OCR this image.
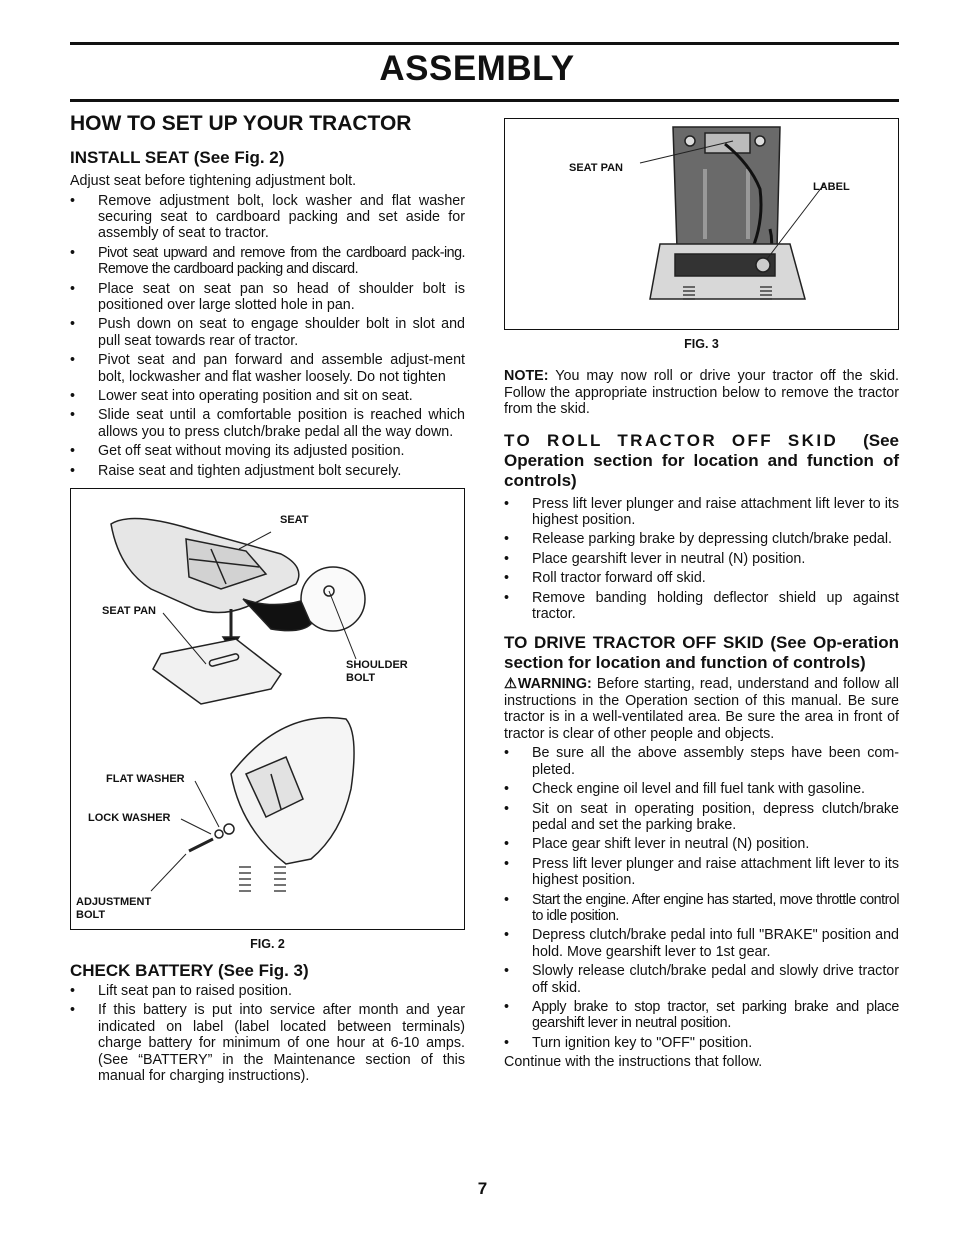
ASSEMBLY
HOW TO SET UP YOUR TRACTOR
INSTALL SEAT (See Fig. 2)

Adjust seat before tightening adjustment bolt.

• Remove adjustment bolt, lock washer and flat washer securing seat to cardboard packing and set aside for assembly of seat to tractor.
• Pivot seat upward and remove from the cardboard pack-ing. Remove the cardboard packing and discard.
• Place seat on seat pan so head of shoulder bolt is positioned over large slotted hole in pan.
• Push down on seat to engage shoulder bolt in slot and pull seat towards rear of tractor.
• Pivot seat and pan forward and assemble adjust-ment bolt, lockwasher and flat washer loosely. Do not tighten
• Lower seat into operating position and sit on seat.
• Slide seat until a comfortable position is reached which allows you to press clutch/brake pedal all the way down.
• Get off seat without moving its adjusted position.
• Raise seat and tighten adjustment bolt securely.
SEAT
SEAT PAN
SHOULDER BOLT
FLAT WASHER
LOCK WASHER
ADJUSTMENT BOLT
FIG. 2
CHECK BATTERY (See Fig. 3)
• Lift seat pan to raised position.
• If this battery is put into service after month and year indicated on label (label located between terminals) charge battery for minimum of one hour at 6-10 amps. (See “BATTERY” in the Maintenance section of this manual for charging instructions).
SEAT PAN
LABEL
FIG. 3

NOTE: You may now roll or drive your tractor off the skid. Follow the appropriate instruction below to remove the tractor from the skid.

TO ROLL TRACTOR OFF SKID (See Operation section for location and function of controls)
• Press lift lever plunger and raise attachment lift lever to its highest position.
• Release parking brake by depressing clutch/brake pedal.
• Place gearshift lever in neutral (N) position.
• Roll tractor forward off skid.
• Remove banding holding deflector shield up against tractor.
TO DRIVE TRACTOR OFF SKID (See Op-eration section for location and function of controls)

⚠WARNING: Before starting, read, understand and follow all instructions in the Operation section of this manual. Be sure tractor is in a well-ventilated area. Be sure the area in front of tractor is clear of other people and objects.

• Be sure all the above assembly steps have been com-pleted.
• Check engine oil level and fill fuel tank with gasoline.
• Sit on seat in operating position, depress clutch/brake pedal and set the parking brake.
• Place gear shift lever in neutral (N) position.
• Press lift lever plunger and raise attachment lift lever to its highest position.
• Start the engine. After engine has started, move throttle control to idle position.
• Depress clutch/brake pedal into full "BRAKE" position and hold. Move gearshift lever to 1st gear.
• Slowly release clutch/brake pedal and slowly drive tractor off skid.
• Apply brake to stop tractor, set parking brake and place gearshift lever in neutral position.
• Turn ignition key to "OFF" position.

Continue with the instructions that follow.

7
